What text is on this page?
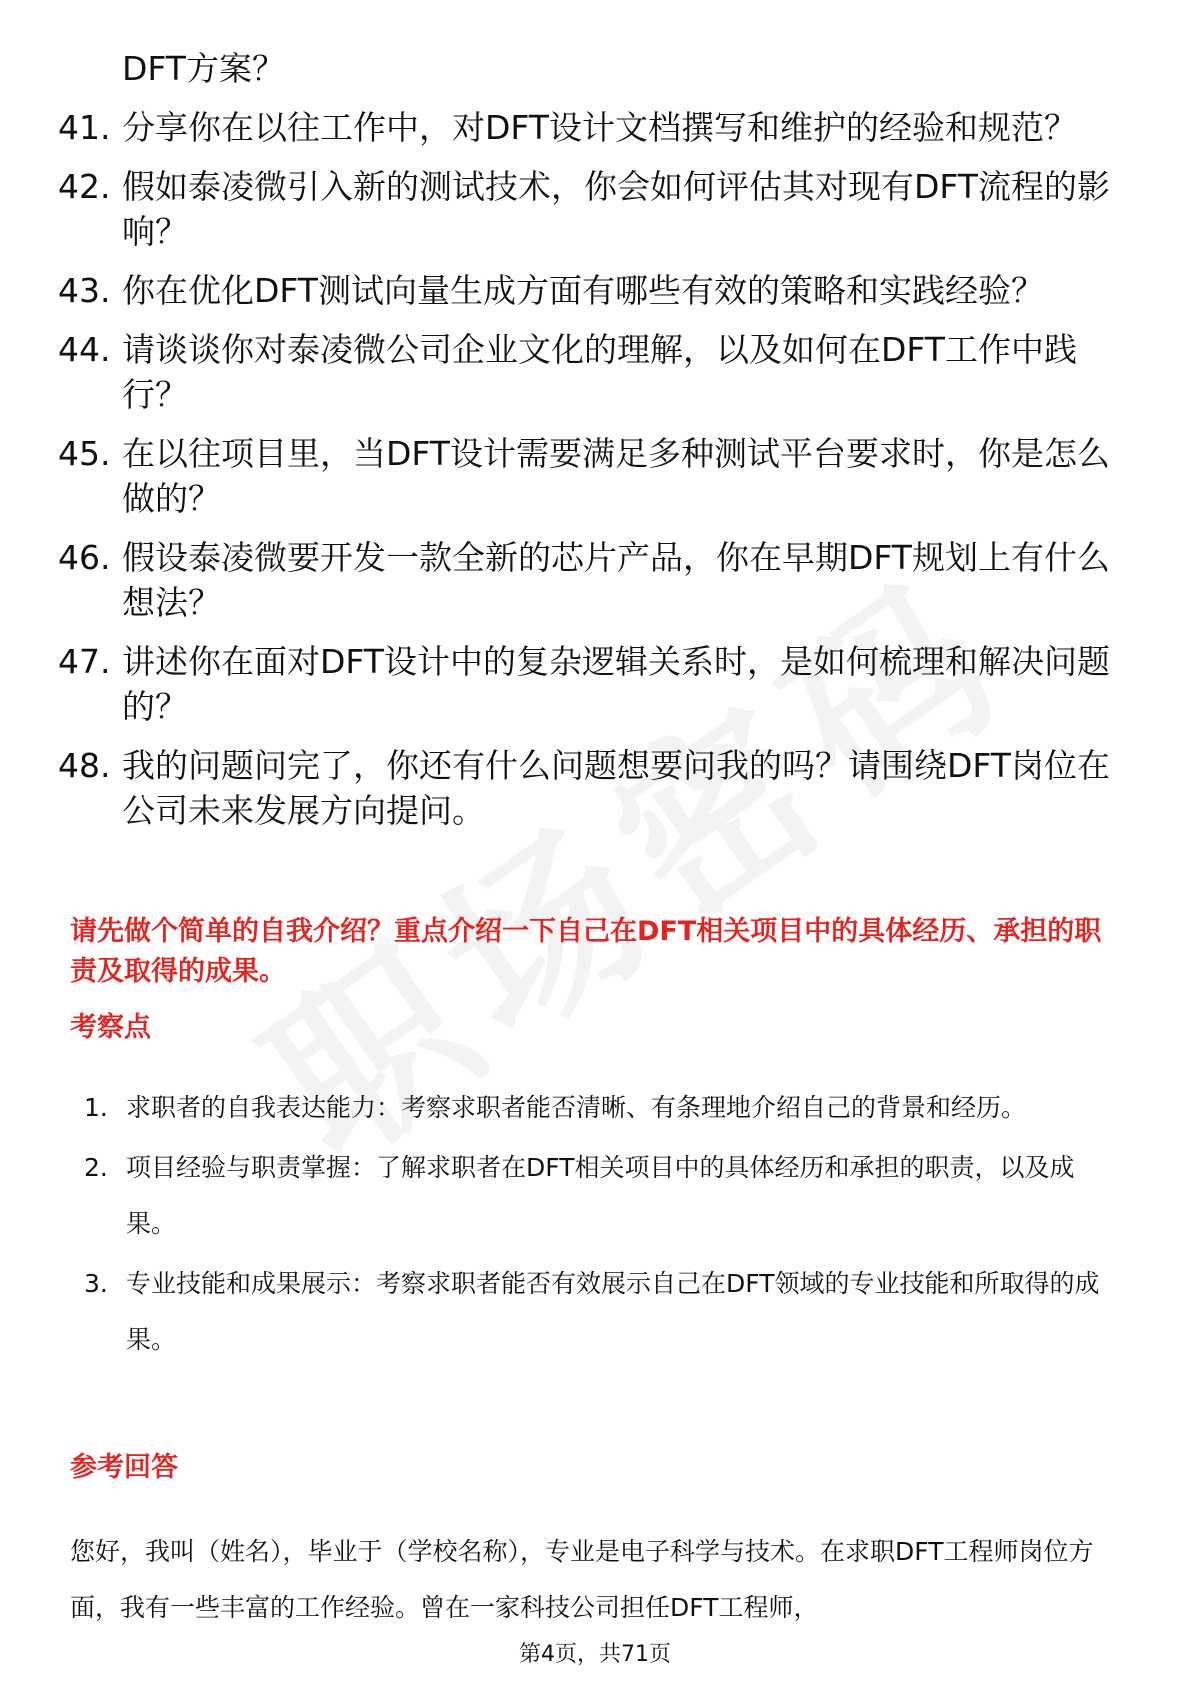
DFT方案？
41. 分享你在以往工作中，对DFT设计文档撰写和维护的经验和规范？
42. 假如泰凌微引入新的测试技术，你会如何评估其对现有DFT流程的影响？
43. 你在优化DFT测试向量生成方面有哪些有效的策略和实践经验？
44. 请谈谈你对泰凌微公司企业文化的理解，以及如何在DFT工作中践行？
45. 在以往项目里，当DFT设计需要满足多种测试平台要求时，你是怎么做的？
46. 假设泰凌微要开发一款全新的芯片产品，你在早期DFT规划上有什么想法？
47. 讲述你在面对DFT设计中的复杂逻辑关系时，是如何梳理和解决问题的？
48. 我的问题问完了，你还有什么问题想要问我的吗？请围绕DFT岗位在公司未来发展方向提问。
请先做个简单的自我介绍？重点介绍一下自己在DFT相关项目中的具体经历、承担的职责及取得的成果。
考察点
1. 求职者的自我表达能力：考察求职者能否清晰、有条理地介绍自己的背景和经历。
2. 项目经验与职责掌握：了解求职者在DFT相关项目中的具体经历和承担的职责，以及成果。
3. 专业技能和成果展示：考察求职者能否有效展示自己在DFT领域的专业技能和所取得的成果。
参考回答
您好，我叫（姓名），毕业于（学校名称），专业是电子科学与技术。在求职DFT工程师岗位方面，我有一些丰富的工作经验。曾在一家科技公司担任DFT工程师，
第4页，共71页
